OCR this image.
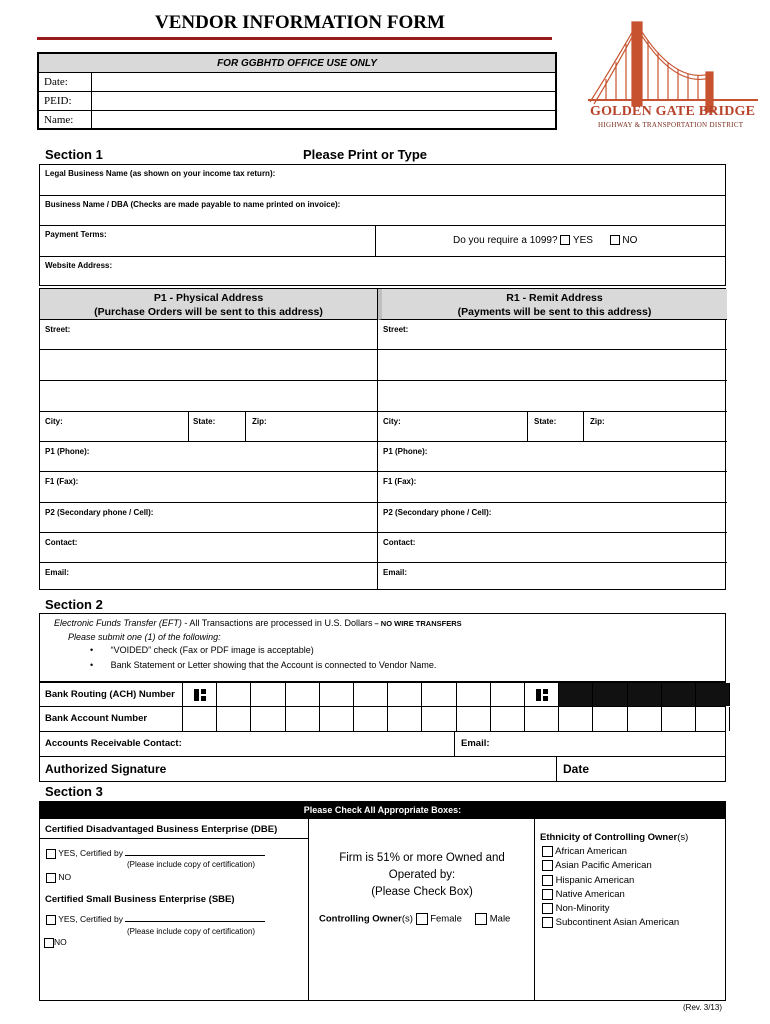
VENDOR INFORMATION FORM
FOR GGBHTD OFFICE USE ONLY
Date:
PEID:
Name:
GOLDEN GATE BRIDGE
HIGHWAY & TRANSPORTATION DISTRICT
Section 1	Please Print or Type
Legal Business Name (as shown on your income tax return):
Business Name / DBA (Checks are made payable to name printed on invoice):
Payment Terms:
Do you require a 1099? YES	NO
Website Address:
P1 - Physical Address
(Purchase Orders will be sent to this address)
Street:
City:	State:	Zip:
P1 (Phone):
F1 (Fax):
P2 (Secondary phone / Cell):
Contact:
Email:
R1 - Remit Address
(Payments will be sent to this address)
Street:
City:	State:	Zip:
P1 (Phone):
F1 (Fax):
P2 (Secondary phone / Cell):
Contact:
Email:
Section 2
Electronic Funds Transfer (EFT) - All Transactions are processed in U.S. Dollars – NO WIRE TRANSFERS
Please submit one (1) of the following:
•       “VOIDED” check (Fax or PDF image is acceptable)
•       Bank Statement or Letter showing that the Account is connected to Vendor Name.
Bank Routing (ACH) Number
Bank Account Number
Accounts Receivable Contact:	Email:
Authorized Signature	Date
Section 3
Please Check All Appropriate Boxes:
Certified Disadvantaged Business Enterprise (DBE)
YES, Certified by
(Please include copy of certification)
NO
Certified Small Business Enterprise (SBE)
YES, Certified by
(Please include copy of certification)
NO
Firm is 51% or more Owned and
Operated by:
(Please Check Box)
Controlling Owner(s) Female	Male
Ethnicity of Controlling Owner(s)
African American
Asian Pacific American
Hispanic American
Native American
Non-Minority
Subcontinent Asian American
(Rev. 3/13)
